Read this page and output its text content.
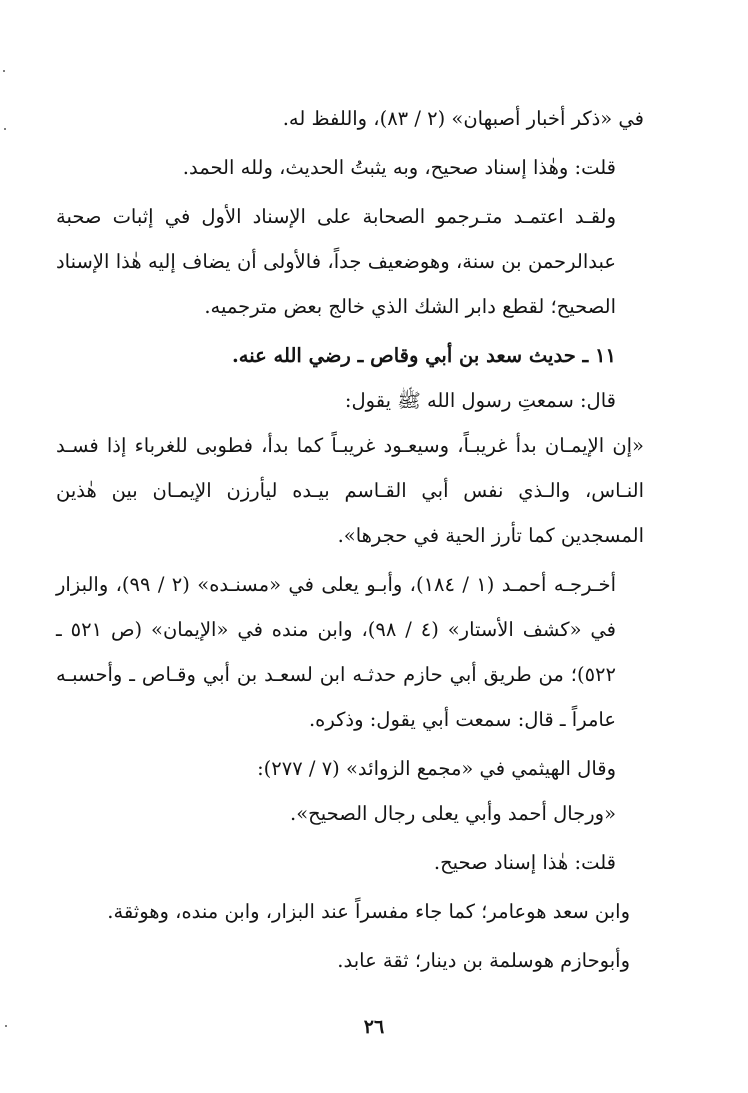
في «ذكر أخبار أصبهان» (٢ / ٨٣)، واللفظ له.

قلت: وهٰذا إسناد صحيح، وبه يثبتُ الحديث، ولله الحمد.

ولقـد اعتمـد متـرجمو الصحابة على الإسناد الأول في إثبات صحبة عبدالرحمن بن سنة، وهوضعيف جداً، فالأولى أن يضاف إليه هٰذا الإسناد الصحيح؛ لقطع دابر الشك الذي خالج بعض مترجميه.

١١ ـ حديث سعد بن أبي وقاص ـ رضي الله عنه.

قال: سمعتِ رسول الله ﷺ يقول:

«إن الإيمـان بدأ غريبـاً، وسيعـود غريبـاً كما بدأ، فطوبى للغرباء إذا فسـد النـاس، والـذي نفس أبي القـاسم بيـده ليأرزن الإيمـان بين هٰذين المسجدين كما تأرز الحية في حجرها».

أخـرجـه أحمـد (١ / ١٨٤)، وأبـو يعلى في «مسنـده» (٢ / ٩٩)، والبزار في «كشف الأستار» (٤ / ٩٨)، وابن منده في «الإيمان» (ص ٥٢١ ـ ٥٢٢)؛ من طريق أبي حازم حدثـه ابن لسعـد بن أبي وقـاص ـ وأحسبـه عامراً ـ قال: سمعت أبي يقول: وذكره.

وقال الهيثمي في «مجمع الزوائد» (٧ / ٢٧٧):

«ورجال أحمد وأبي يعلى رجال الصحيح».

قلت: هٰذا إسناد صحيح.

وابن سعد هوعامر؛ كما جاء مفسراً عند البزار، وابن منده، وهوثقة.

وأبوحازم هوسلمة بن دينار؛ ثقة عابد.

٢٦
